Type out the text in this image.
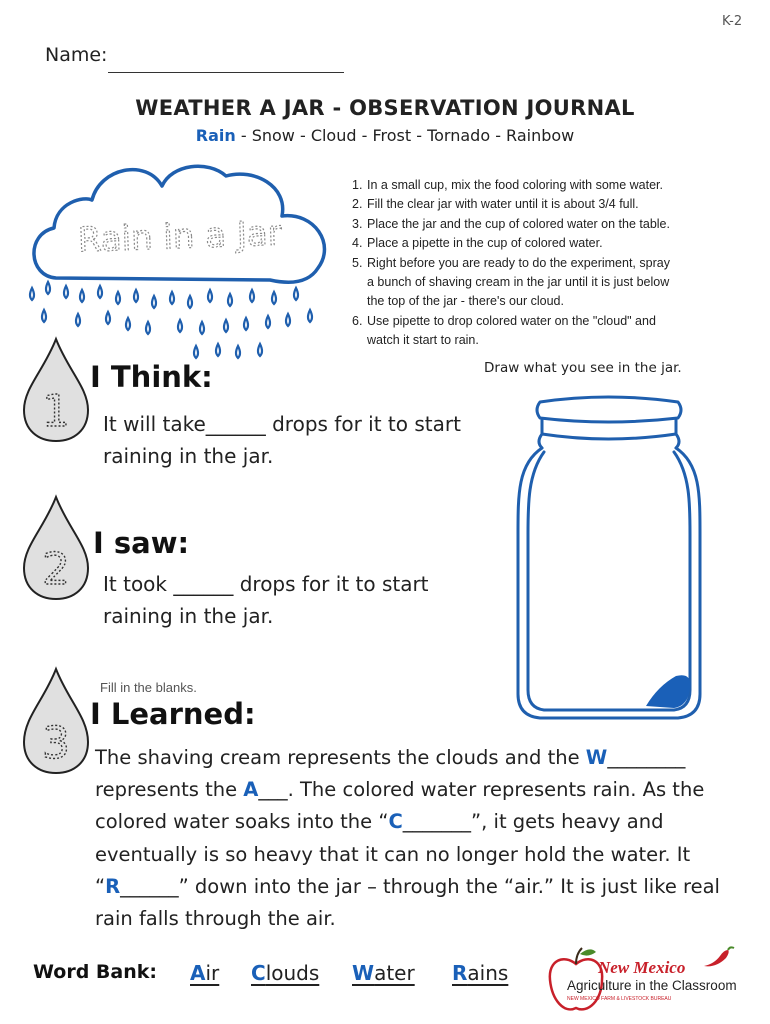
K-2
Name:
WEATHER A JAR - OBSERVATION JOURNAL
Rain - Snow - Cloud - Frost - Tornado - Rainbow
Rain in a Jar
1. In a small cup, mix the food coloring with some water.
2. Fill the clear jar with water until it is about 3/4 full.
3. Place the jar and the cup of colored water on the table.
4. Place a pipette in the cup of colored water.
5. Right before you are ready to do the experiment, spray
a bunch of shaving cream in the jar until it is just below
the top of the jar - there's our cloud.
6. Use pipette to drop colored water on the "cloud" and
watch it start to rain.
Draw what you see in the jar.
1
2
3
I Think:
It will take______ drops for it to start
raining in the jar.
I saw:
It took ______ drops for it to start
raining in the jar.
Fill in the blanks.
I Learned:
The shaving cream represents the clouds and the W________ represents the A___. The colored water represents rain. As the colored water soaks into the “C_______”, it gets heavy and eventually is so heavy that it can no longer hold the water. It “R______” down into the jar – through the “air.” It is just like real rain falls through the air.
Word Bank: Air Clouds Water Rains	New Mexico
Agriculture in the Classroom
NEW MEXICO FARM & LIVESTOCK BUREAU
